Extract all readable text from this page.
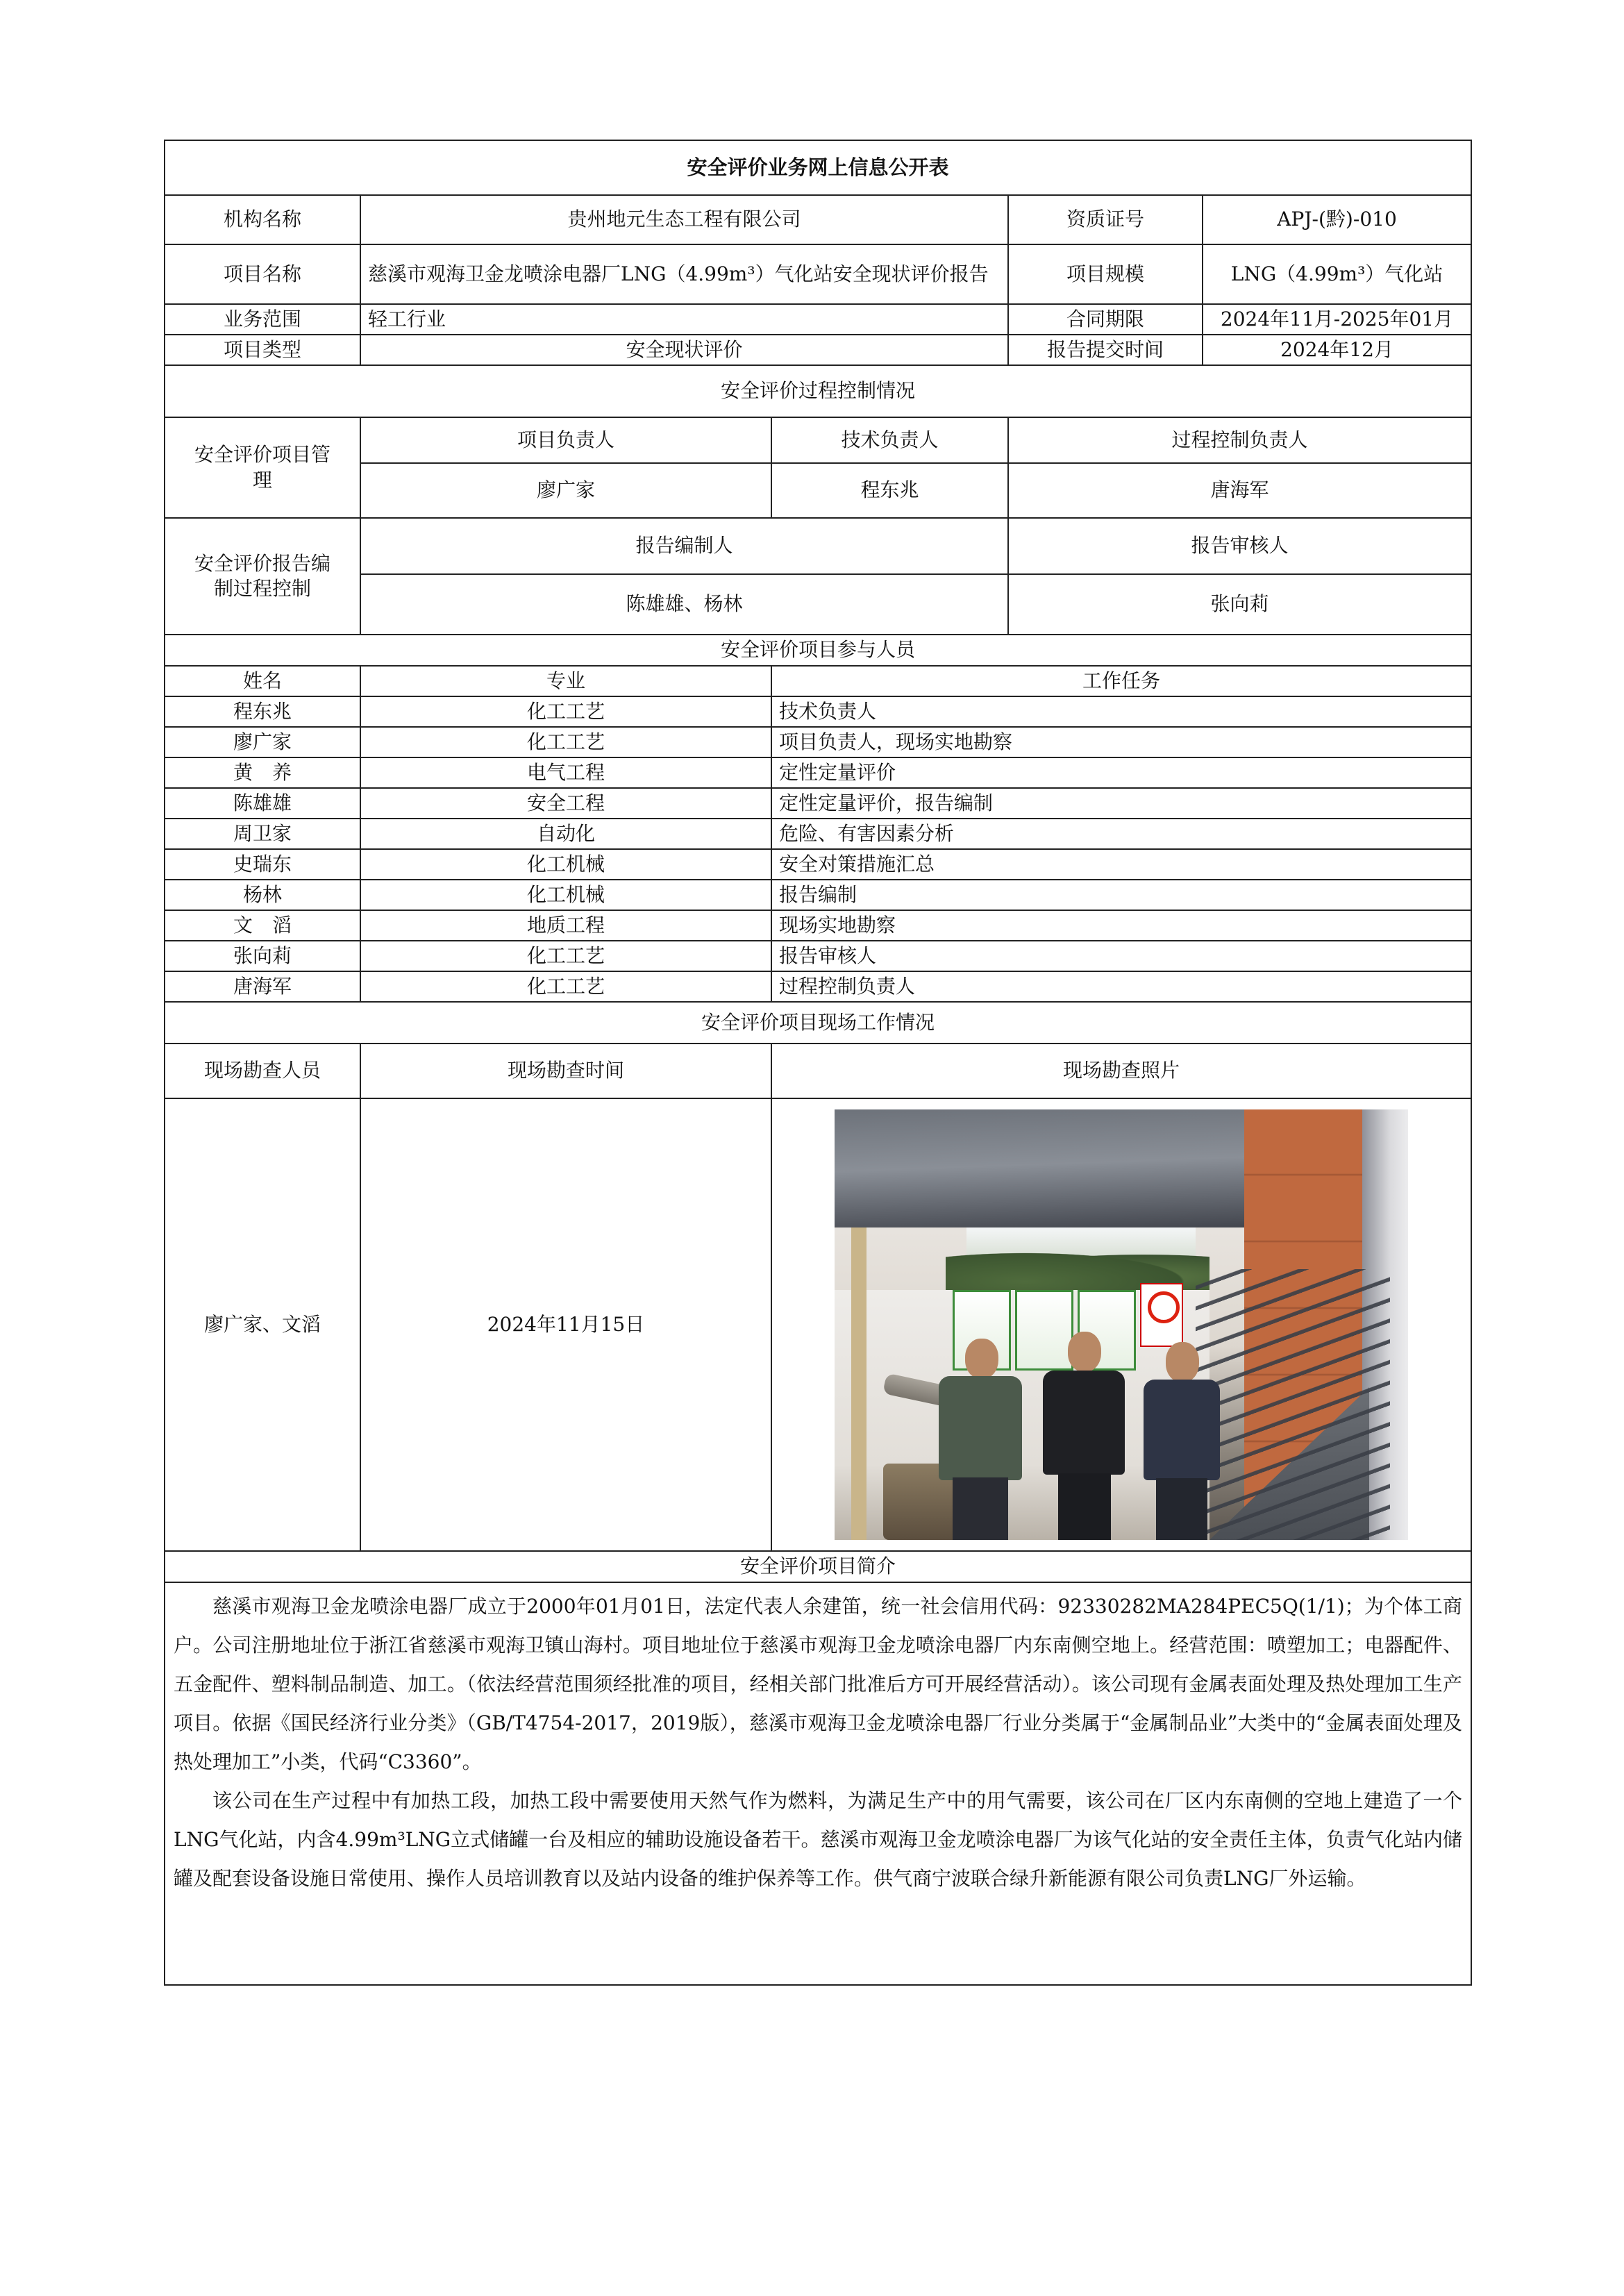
安全评价业务网上信息公开表				
机构名称	贵州地元生态工程有限公司		资质证号	APJ-(黔)-010
项目名称	慈溪市观海卫金龙喷涂电器厂LNG（4.99m³）气化站安全现状评价报告		项目规模	LNG（4.99m³）气化站
业务范围	轻工行业		合同期限	2024年11月-2025年01月
项目类型	安全现状评价		报告提交时间	2024年12月
安全评价过程控制情况				
安全评价项目管理	项目负责人	技术负责人	过程控制负责人	
	廖广家	程东兆	唐海军	
安全评价报告编制过程控制	报告编制人		报告审核人	
	陈雄雄、杨林		张向莉	
安全评价项目参与人员				
姓名	专业	工作任务		
程东兆	化工工艺	技术负责人		
廖广家	化工工艺	项目负责人，现场实地勘察		
黄　养	电气工程	定性定量评价		
陈雄雄	安全工程	定性定量评价，报告编制		
周卫家	自动化	危险、有害因素分析		
史瑞东	化工机械	安全对策措施汇总		
杨林	化工机械	报告编制		
文　滔	地质工程	现场实地勘察		
张向莉	化工工艺	报告审核人		
唐海军	化工工艺	过程控制负责人		
安全评价项目现场工作情况				
现场勘查人员	现场勘查时间	现场勘查照片		
廖广家、文滔	2024年11月15日			

安全评价项目简介				

慈溪市观海卫金龙喷涂电器厂成立于2000年01月01日，法定代表人余建笛，统一社会信用代码：92330282MA284PEC5Q(1/1)；为个体工商户。公司注册地址位于浙江省慈溪市观海卫镇山海村。项目地址位于慈溪市观海卫金龙喷涂电器厂内东南侧空地上。经营范围：喷塑加工；电器配件、五金配件、塑料制品制造、加工。（依法经营范围须经批准的项目，经相关部门批准后方可开展经营活动）。该公司现有金属表面处理及热处理加工生产项目。依据《国民经济行业分类》（GB/T4754-2017，2019版），慈溪市观海卫金龙喷涂电器厂行业分类属于“金属制品业”大类中的“金属表面处理及热处理加工”小类，代码“C3360”。

该公司在生产过程中有加热工段，加热工段中需要使用天然气作为燃料，为满足生产中的用气需要，该公司在厂区内东南侧的空地上建造了一个LNG气化站，内含4.99m³LNG立式储罐一台及相应的辅助设施设备若干。慈溪市观海卫金龙喷涂电器厂为该气化站的安全责任主体，负责气化站内储罐及配套设备设施日常使用、操作人员培训教育以及站内设备的维护保养等工作。供气商宁波联合绿升新能源有限公司负责LNG厂外运输。				
